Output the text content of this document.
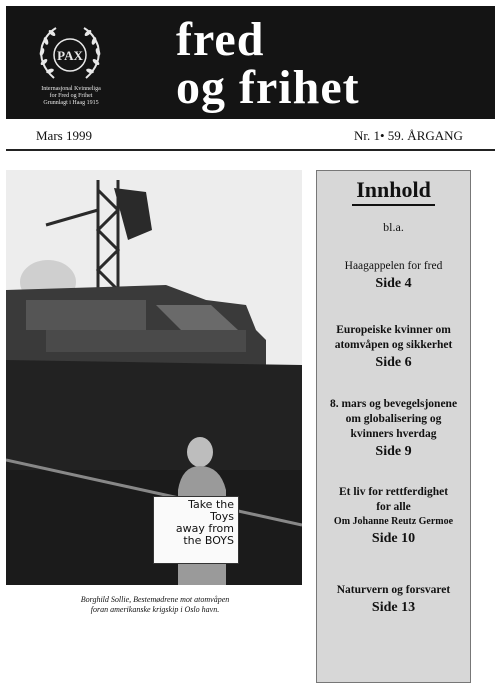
PAX
Internasjonal Kvinneliga
for Fred og Frihet
Grunnlagt i Haag 1915
fred
og frihet
Mars 1999	Nr. 1• 59. ÅRGANG
Take the
Toys
away from
the BOYS
Borghild Sollie, Bestemødrene mot atomvåpen
foran amerikanske krigskip i Oslo havn.
Innhold
bl.a.
Haagappelen for fred
Side 4
Europeiske kvinner om
atomvåpen og sikkerhet
Side 6
8. mars og bevegelsjonene
om globalisering og
kvinners hverdag
Side 9
Et liv for rettferdighet
for alle
Om Johanne Reutz Germoe
Side 10
Naturvern og forsvaret
Side 13
